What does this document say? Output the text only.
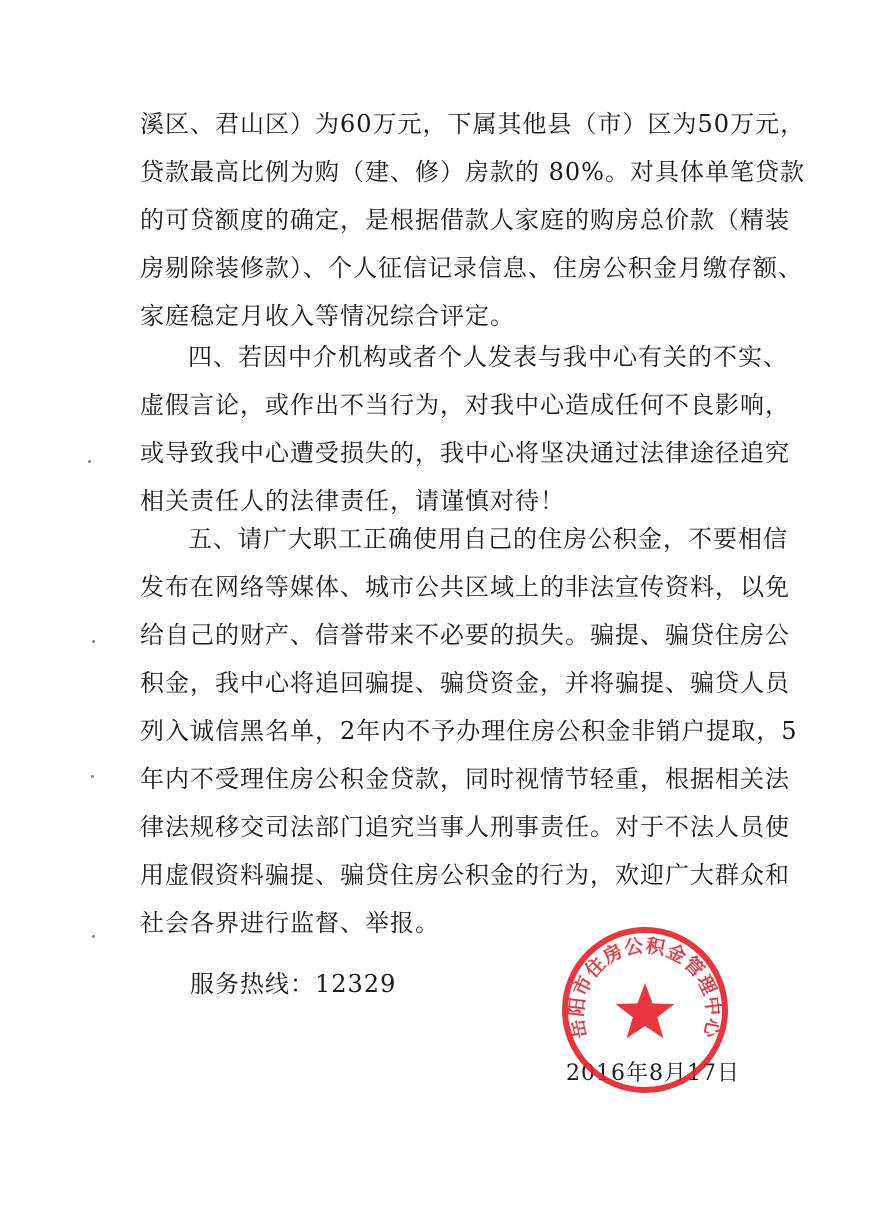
溪区、君山区）为60万元，下属其他县（市）区为50万元，
贷款最高比例为购（建、修）房款的 80%。对具体单笔贷款
的可贷额度的确定，是根据借款人家庭的购房总价款（精装
房剔除装修款）、个人征信记录信息、住房公积金月缴存额、
家庭稳定月收入等情况综合评定。
四、若因中介机构或者个人发表与我中心有关的不实、
虚假言论，或作出不当行为，对我中心造成任何不良影响，
或导致我中心遭受损失的，我中心将坚决通过法律途径追究
相关责任人的法律责任，请谨慎对待！
五、请广大职工正确使用自己的住房公积金，不要相信
发布在网络等媒体、城市公共区域上的非法宣传资料，以免
给自己的财产、信誉带来不必要的损失。骗提、骗贷住房公
积金，我中心将追回骗提、骗贷资金，并将骗提、骗贷人员
列入诚信黑名单，2年内不予办理住房公积金非销户提取，5
年内不受理住房公积金贷款，同时视情节轻重，根据相关法
律法规移交司法部门追究当事人刑事责任。对于不法人员使
用虚假资料骗提、骗贷住房公积金的行为，欢迎广大群众和
社会各界进行监督、举报。
服务热线：12329
2016年8月17日
岳阳市住房公积金管理中心
